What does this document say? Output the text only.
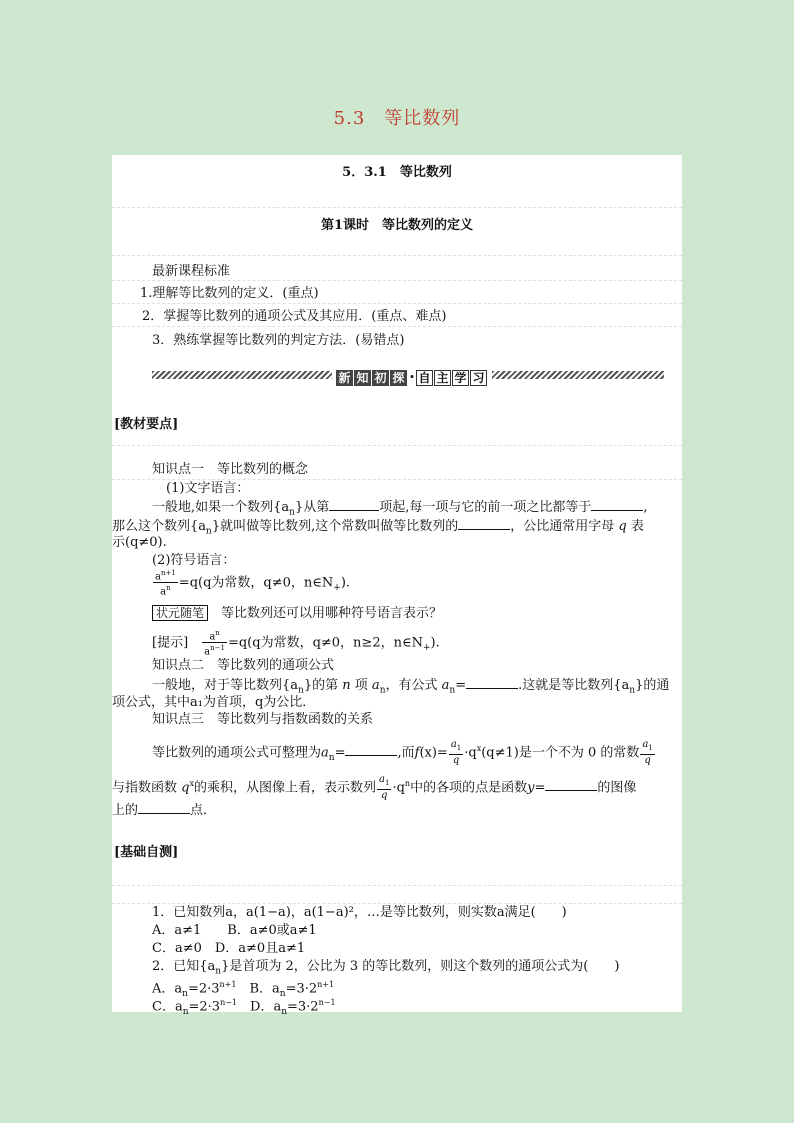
5.3　等比数列
5．3.1　等比数列
第1课时　等比数列的定义
最新课程标准
1.理解等比数列的定义．(重点)
2．掌握等比数列的通项公式及其应用．(重点、难点)
3．熟练掌握等比数列的判定方法．(易错点)
新 知 初 探 · 自 主 学 习
[教材要点]
知识点一　等比数列的概念
(1)文字语言：
一般地,如果一个数列$\{a_n\}$从第	项起,每一项与它的前一项之比都等于	,
那么这个数列$\{a_n\}$就叫做等比数列,这个常数叫做等比数列的	，公比通常用字母 q 表
示(q≠0).
(2)符号语言：
$\frac{a^{n+1}}{a^n} =q(q$为常数，q≠0，$n\in N_+$).
状元随笔　 等比数列还可以用哪种符号语言表示？
[提示]　 $\frac{a^n}{a^{n-1}} =q(q$为常数，q≠0，n≥2，$n\in N_+$).
知识点二　等比数列的通项公式
一般地，对于等比数列$\{a_n\}$的第 n 项 $a_n$，有公式 $a_n=$	.这就是等比数列$\{a_n\}$的通
项公式，其中a₁为首项，q为公比．
知识点三　等比数列与指数函数的关系
等比数列的通项公式可整理为$a_n=$	,而$f(x)= \frac{a_1}{q} \cdot q^x(q\ne 1)$是一个不为 0 的常数 $\frac{a_1}{q}$
与指数函数 $q^x$的乘积，从图像上看，表示数列 $\frac{a_1}{q} \cdot q^n$中的各项的点是函数y=	的图像
上的	点．
[基础自测]
1．已知数列a，a(1−a)，a(1−a)²，…是等比数列，则实数a满足(　　)
A．a≠1　　B．a≠0或a≠1
C．a≠0　D．a≠0且a≠1
2．已知$\{a_n\}$是首项为 2，公比为 3 的等比数列，则这个数列的通项公式为(　　)
A．$a_n=2\cdot 3^{n+1}$　B．$a_n=3\cdot 2^{n+1}$
C．$a_n=2\cdot 3^{n-1}$　D．$a_n=3\cdot 2^{n-1}$
